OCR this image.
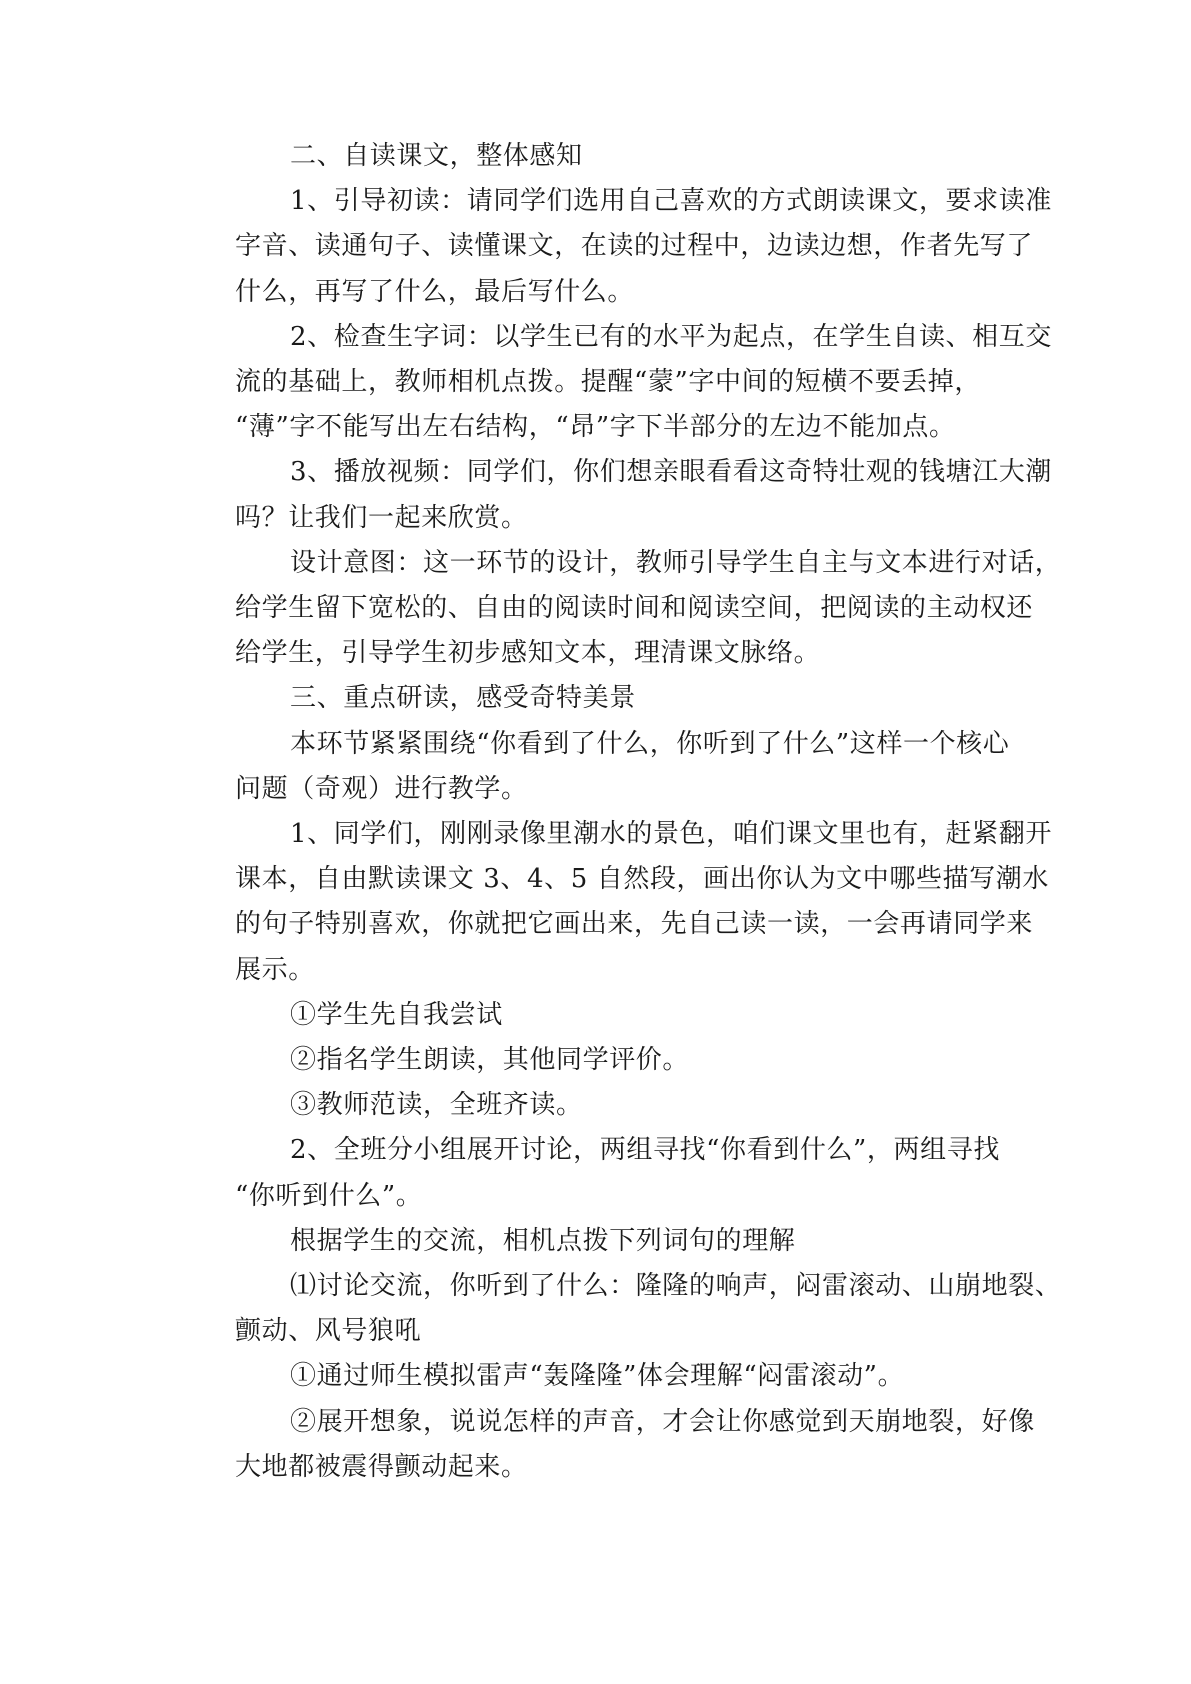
二、自读课文，整体感知
1、引导初读：请同学们选用自己喜欢的方式朗读课文，要求读准
字音、读通句子、读懂课文，在读的过程中，边读边想，作者先写了
什么，再写了什么，最后写什么。
2、检查生字词：以学生已有的水平为起点，在学生自读、相互交
流的基础上，教师相机点拨。提醒“蒙”字中间的短横不要丢掉，
“薄”字不能写出左右结构，“昂”字下半部分的左边不能加点。
3、播放视频：同学们，你们想亲眼看看这奇特壮观的钱塘江大潮
吗？让我们一起来欣赏。
设计意图：这一环节的设计，教师引导学生自主与文本进行对话，
给学生留下宽松的、自由的阅读时间和阅读空间，把阅读的主动权还
给学生，引导学生初步感知文本，理清课文脉络。
三、重点研读，感受奇特美景
本环节紧紧围绕“你看到了什么，你听到了什么”这样一个核心
问题（奇观）进行教学。
1、同学们，刚刚录像里潮水的景色，咱们课文里也有，赶紧翻开
课本，自由默读课文 3、4、5 自然段，画出你认为文中哪些描写潮水
的句子特别喜欢，你就把它画出来，先自己读一读，一会再请同学来
展示。
①学生先自我尝试
②指名学生朗读，其他同学评价。
③教师范读，全班齐读。
2、全班分小组展开讨论，两组寻找“你看到什么”，两组寻找
“你听到什么”。
根据学生的交流，相机点拨下列词句的理解
⑴讨论交流，你听到了什么：隆隆的响声，闷雷滚动、山崩地裂、
颤动、风号狼吼
①通过师生模拟雷声“轰隆隆”体会理解“闷雷滚动”。
②展开想象，说说怎样的声音，才会让你感觉到天崩地裂，好像
大地都被震得颤动起来。
